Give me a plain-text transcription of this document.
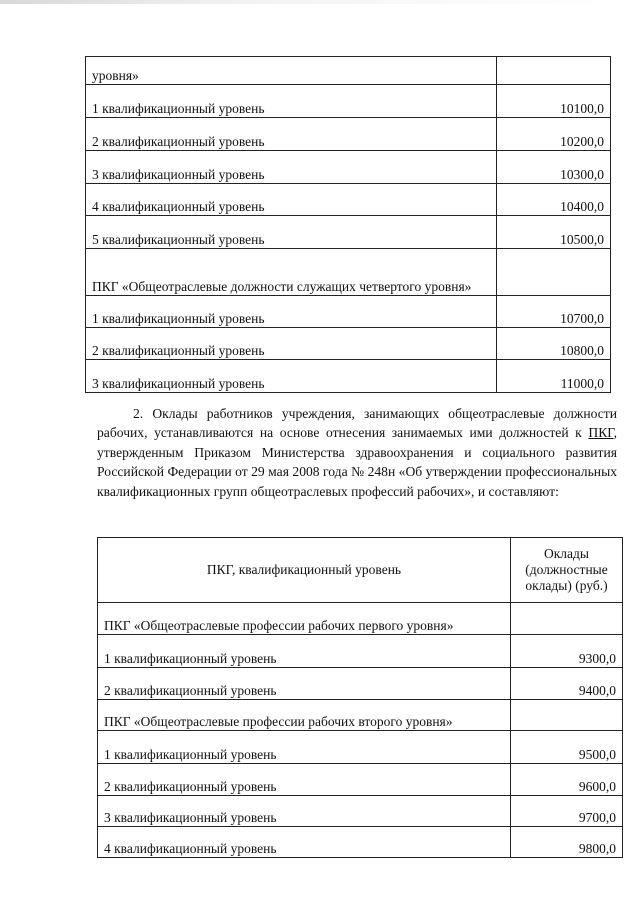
уровня»	
1 квалификационный уровень	10100,0
2 квалификационный уровень	10200,0
3 квалификационный уровень	10300,0
4 квалификационный уровень	10400,0
5 квалификационный уровень	10500,0
ПКГ «Общеотраслевые должности служащих четвертого уровня»	
1 квалификационный уровень	10700,0
2 квалификационный уровень	10800,0
3 квалификационный уровень	11000,0

2. Оклады работников учреждения, занимающих общеотраслевые должности рабочих, устанавливаются на основе отнесения занимаемых ими должностей к ПКГ, утвержденным Приказом Министерства здравоохранения и социального развития Российской Федерации от 29 мая 2008 года № 248н «Об утверждении профессиональных квалификационных групп общеотраслевых профессий рабочих», и составляют:

ПКГ, квалификационный уровень	Оклады (должностные оклады) (руб.)
ПКГ «Общеотраслевые профессии рабочих первого уровня»	
1 квалификационный уровень	9300,0
2 квалификационный уровень	9400,0
ПКГ «Общеотраслевые профессии рабочих второго уровня»	
1 квалификационный уровень	9500,0
2 квалификационный уровень	9600,0
3 квалификационный уровень	9700,0
4 квалификационный уровень	9800,0
